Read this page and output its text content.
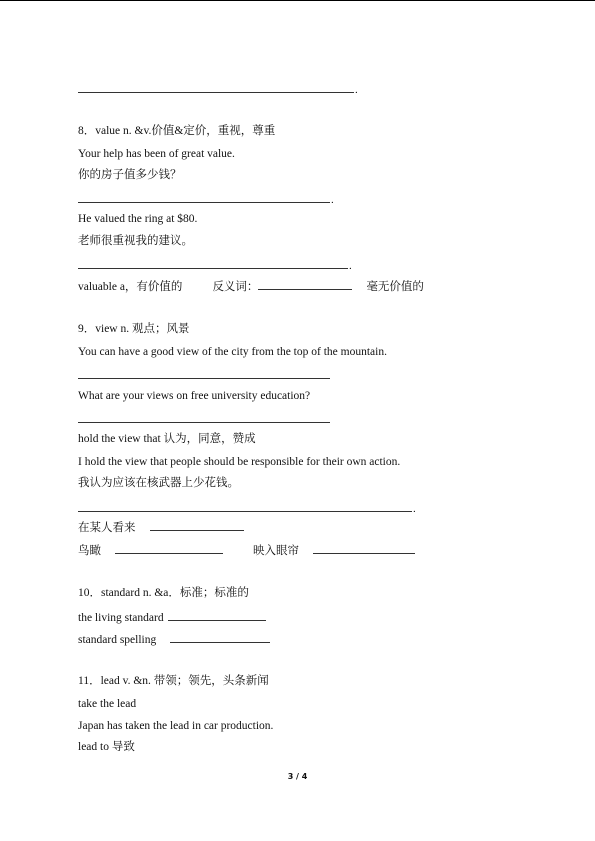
.
8．value n. &v.价值&定价，重视，尊重
Your help has been of great value.
你的房子值多少钱？
.
He valued the ring at $80.
老师很重视我的建议。
.
valuable a，有价值的	反义词：	毫无价值的
9．view n. 观点；风景
You can have a good view of the city from the top of the mountain.
What are your views on free university education?
hold the view that 认为，同意，赞成
I hold the view that people should be responsible for their own action.
我认为应该在核武器上少花钱。
.
在某人看来
鸟瞰	映入眼帘
10．standard n. &a．标准；标准的
the living standard
standard spelling
11．lead v. &n. 带领；领先，头条新闻
take the lead
Japan has taken the lead in car production.
lead to 导致
3 / 4
